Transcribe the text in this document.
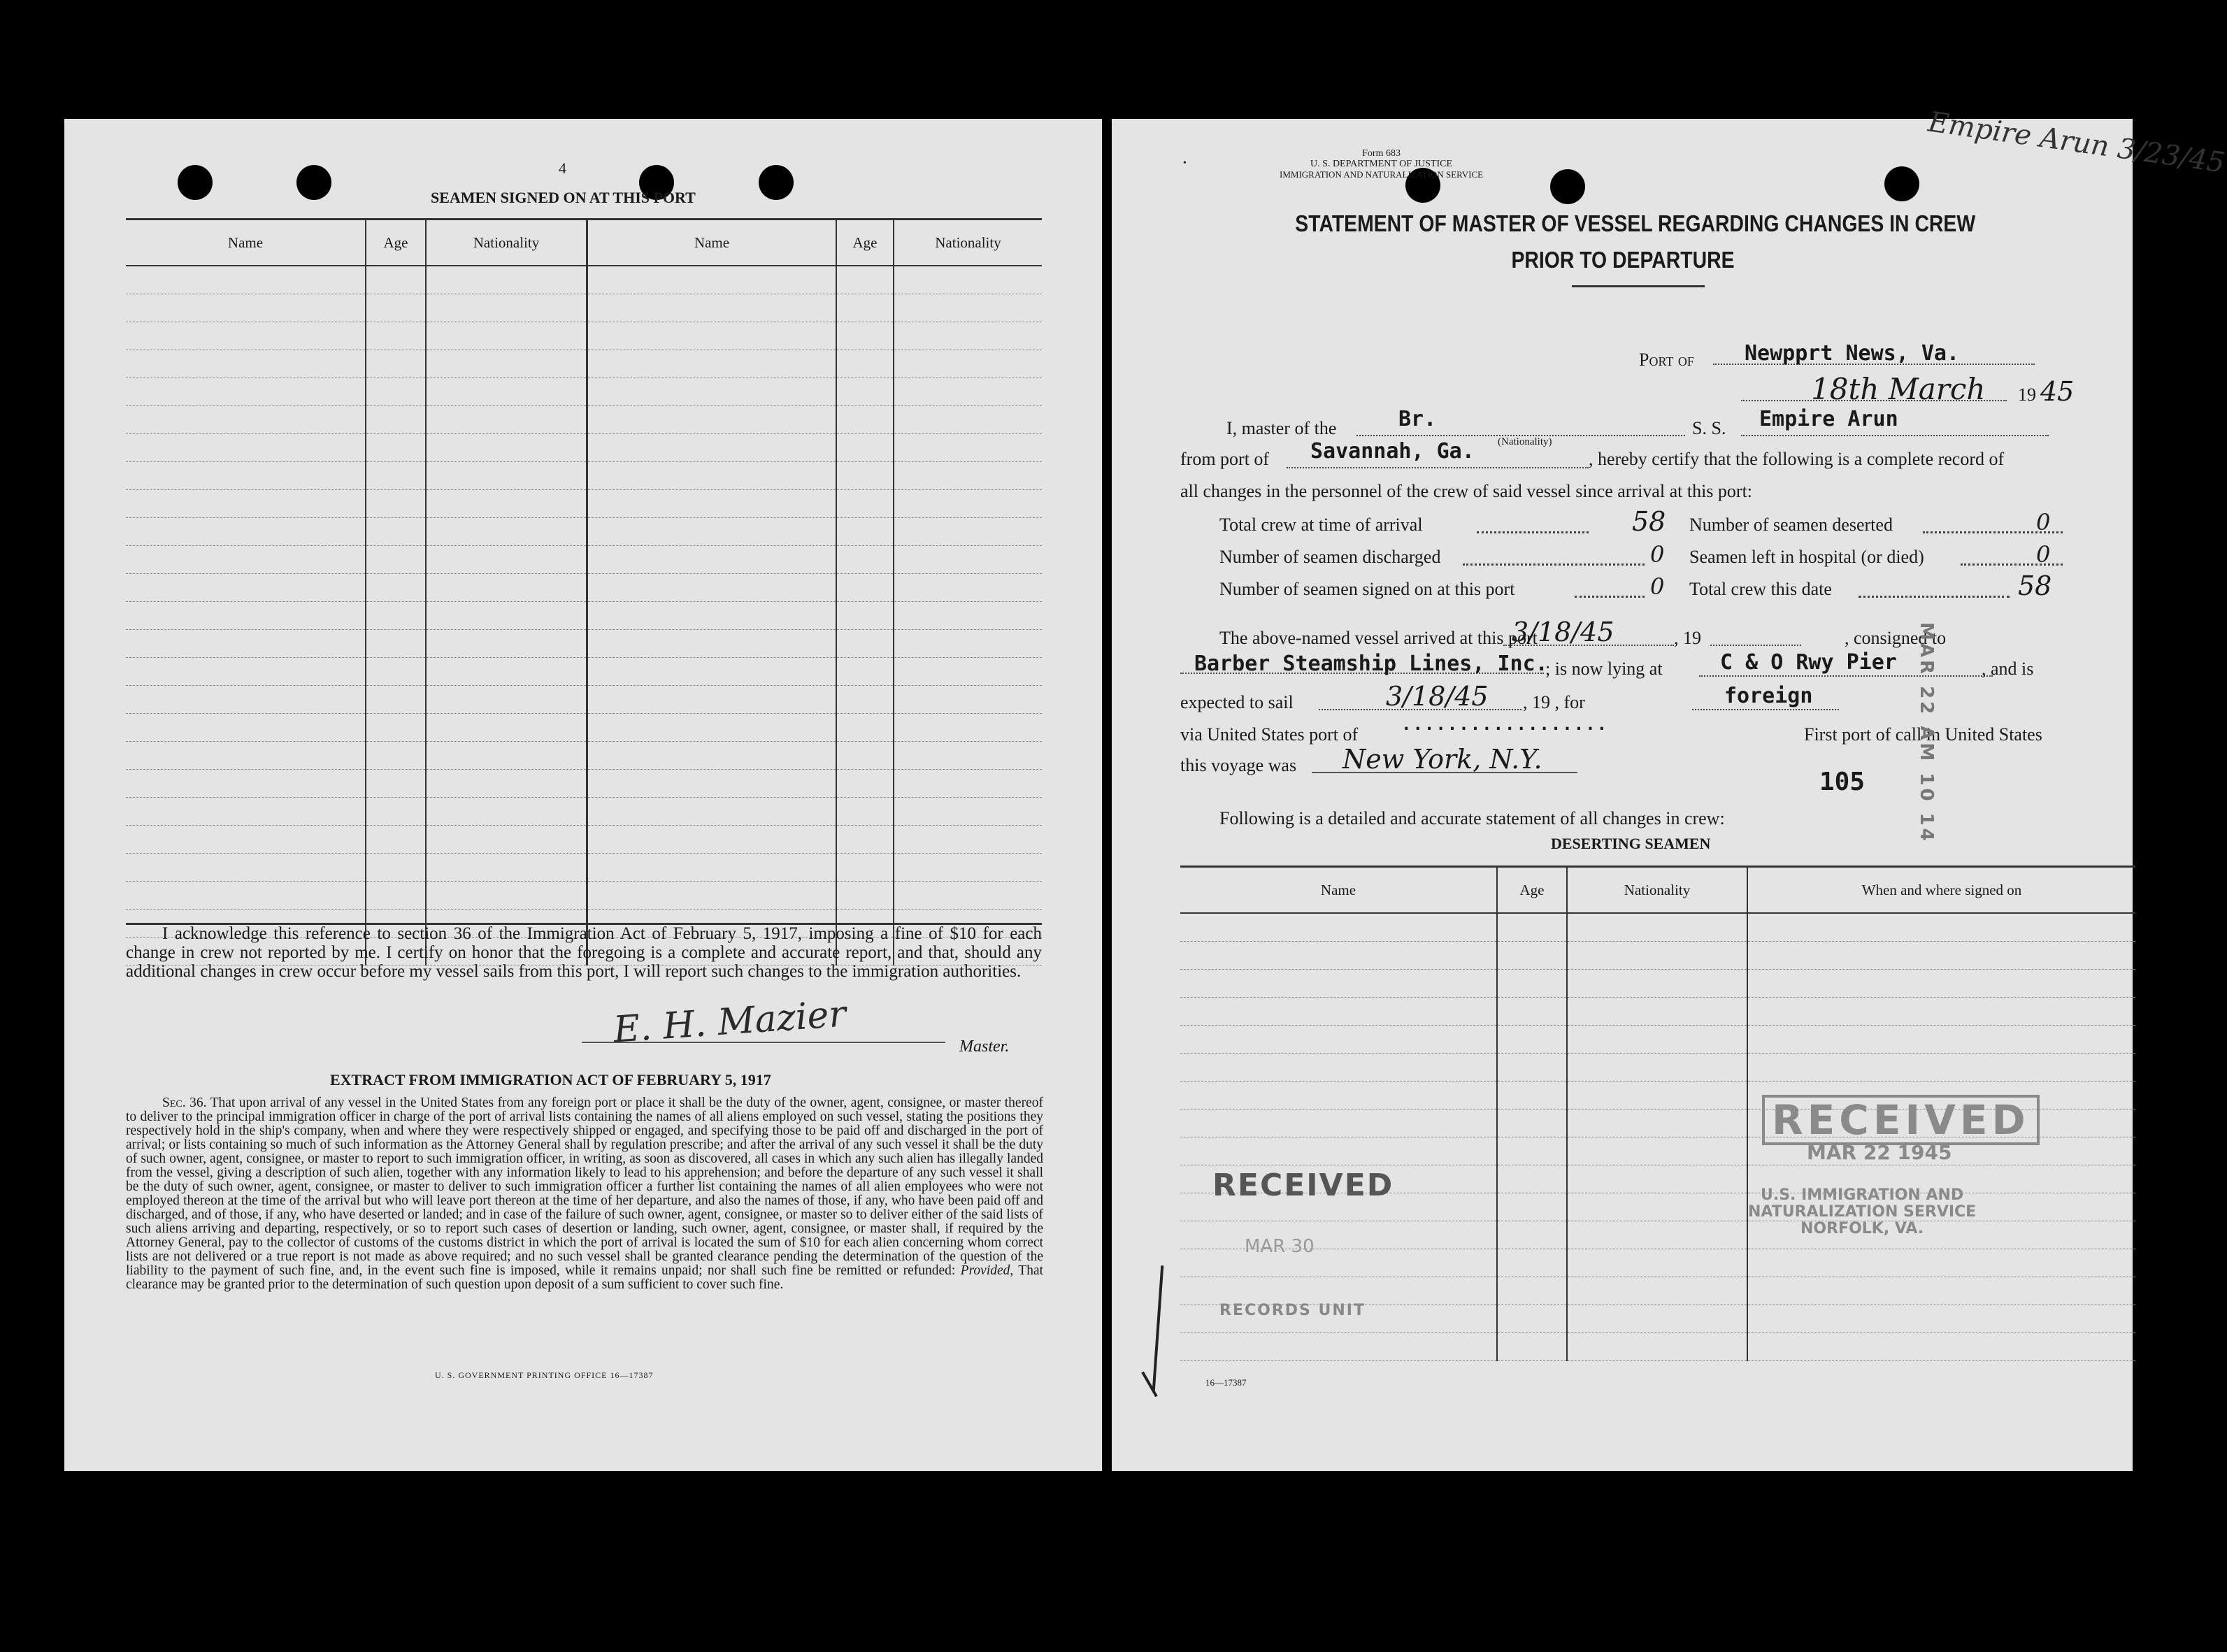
4
SEAMEN SIGNED ON AT THIS PORT
Name	Age	Nationality	Name	Age	Nationality

I acknowledge this reference to section 36 of the Immigration Act of February 5, 1917, imposing a fine of $10 for each change in crew not reported by me. I certify on honor that the foregoing is a complete and accurate report, and that, should any additional changes in crew occur before my vessel sails from this port, I will report such changes to the immigration authorities.
E. H. Mazier	Master.
EXTRACT FROM IMMIGRATION ACT OF FEBRUARY 5, 1917
Sec. 36. That upon arrival of any vessel in the United States from any foreign port or place it shall be the duty of the owner, agent, consignee, or master thereof to deliver to the principal immigration officer in charge of the port of arrival lists containing the names of all aliens employed on such vessel, stating the positions they respectively hold in the ship's company, when and where they were respectively shipped or engaged, and specifying those to be paid off and discharged in the port of arrival; or lists containing so much of such information as the Attorney General shall by regulation prescribe; and after the arrival of any such vessel it shall be the duty of such owner, agent, consignee, or master to report to such immigration officer, in writing, as soon as discovered, all cases in which any such alien has illegally landed from the vessel, giving a description of such alien, together with any information likely to lead to his apprehension; and before the departure of any such vessel it shall be the duty of such owner, agent, consignee, or master to deliver to such immigration officer a further list containing the names of all alien employees who were not employed thereon at the time of the arrival but who will leave port thereon at the time of her departure, and also the names of those, if any, who have been paid off and discharged, and of those, if any, who have deserted or landed; and in case of the failure of such owner, agent, consignee, or master so to deliver either of the said lists of such aliens arriving and departing, respectively, or so to report such cases of desertion or landing, such owner, agent, consignee, or master shall, if required by the Attorney General, pay to the collector of customs of the customs district in which the port of arrival is located the sum of $10 for each alien concerning whom correct lists are not delivered or a true report is not made as above required; and no such vessel shall be granted clearance pending the determination of the question of the liability to the payment of such fine, and, in the event such fine is imposed, while it remains unpaid; nor shall such fine be remitted or refunded: Provided, That clearance may be granted prior to the determination of such question upon deposit of a sum sufficient to cover such fine.
U. S. GOVERNMENT PRINTING OFFICE 16—17387
Form 683
U. S. DEPARTMENT OF JUSTICE
IMMIGRATION AND NATURALIZATION SERVICE
•	Empire Arun 3/23/45
STATEMENT OF MASTER OF VESSEL REGARDING CHANGES IN CREW
PRIOR TO DEPARTURE
Port of Newpprt News, Va.
18th March 19 45
I, master of the	Br.
(Nationality)
S. S. Empire Arun
from port of Savannah, Ga.	, hereby certify that the following is a complete record of
all changes in the personnel of the crew of said vessel since arrival at this port:
Total crew at time of arrival	58
Number of seamen discharged	0
Number of seamen signed on at this port	0
Number of seamen deserted	0
Seamen left in hospital (or died)	0
Total crew this date	58
The above-named vessel arrived at this port
3/18/45	, 19	, consigned to
Barber Steamship Lines, Inc.
; is now lying at	C & O Rwy Pier	, and is
expected to sail	3/18/45 , 19 , for	foreign
via United States port of	..................	First port of call in United States
this voyage was New York, N.Y.
105
Following is a detailed and accurate statement of all changes in crew:
DESERTING SEAMEN	MAR 22 AM 10 14
Name	Age	Nationality	When and where signed on

RECEIVED
MAR 22 1945
U.S. IMMIGRATION AND
NATURALIZATION SERVICE
NORFOLK, VA.
RECEIVED
MAR 30
RECORDS UNIT
16—17387
